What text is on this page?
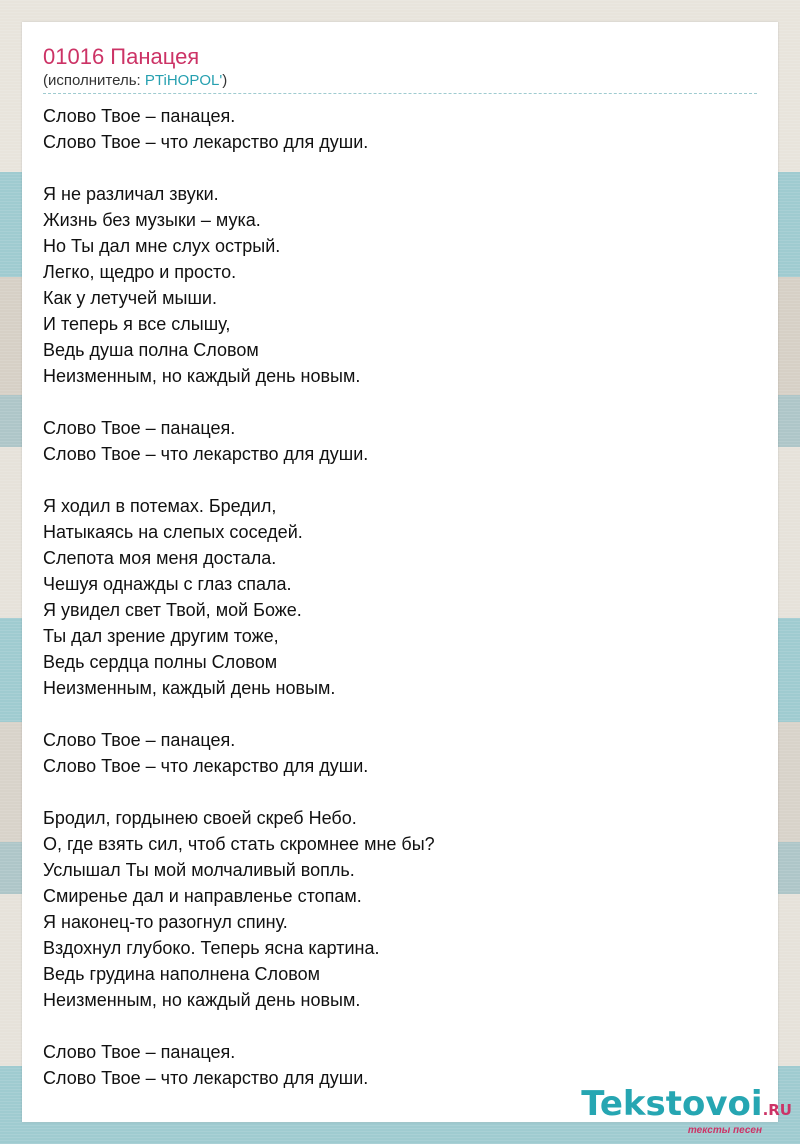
01016 Панацея
(исполнитель: PTiHOPOL')
Слово Твое – панацея.
Слово Твое – что лекарство для души.
Я не различал звуки.
Жизнь без музыки – мука.
Но Ты дал мне слух острый.
Легко, щедро и просто.
Как у летучей мыши.
И теперь я все слышу,
Ведь душа полна Словом
Неизменным, но каждый день новым.
Слово Твое – панацея.
Слово Твое – что лекарство для души.
Я ходил в потемах. Бредил,
Натыкаясь на слепых соседей.
Слепота моя меня достала.
Чешуя однажды с глаз спала.
Я увидел свет Твой, мой Боже.
Ты дал зрение другим тоже,
Ведь сердца полны Словом
Неизменным, каждый день новым.
Слово Твое – панацея.
Слово Твое – что лекарство для души.
Бродил, гордынею своей скреб Небо.
О, где взять сил, чтоб стать скромнее мне бы?
Услышал Ты мой молчаливый вопль.
Смиренье дал и направленье стопам.
Я наконец-то разогнул спину.
Вздохнул глубоко. Теперь ясна картина.
Ведь грудина наполнена Словом
Неизменным, но каждый день новым.
Слово Твое – панацея.
Слово Твое – что лекарство для души.
Tekstovoi.RU
тексты песен
